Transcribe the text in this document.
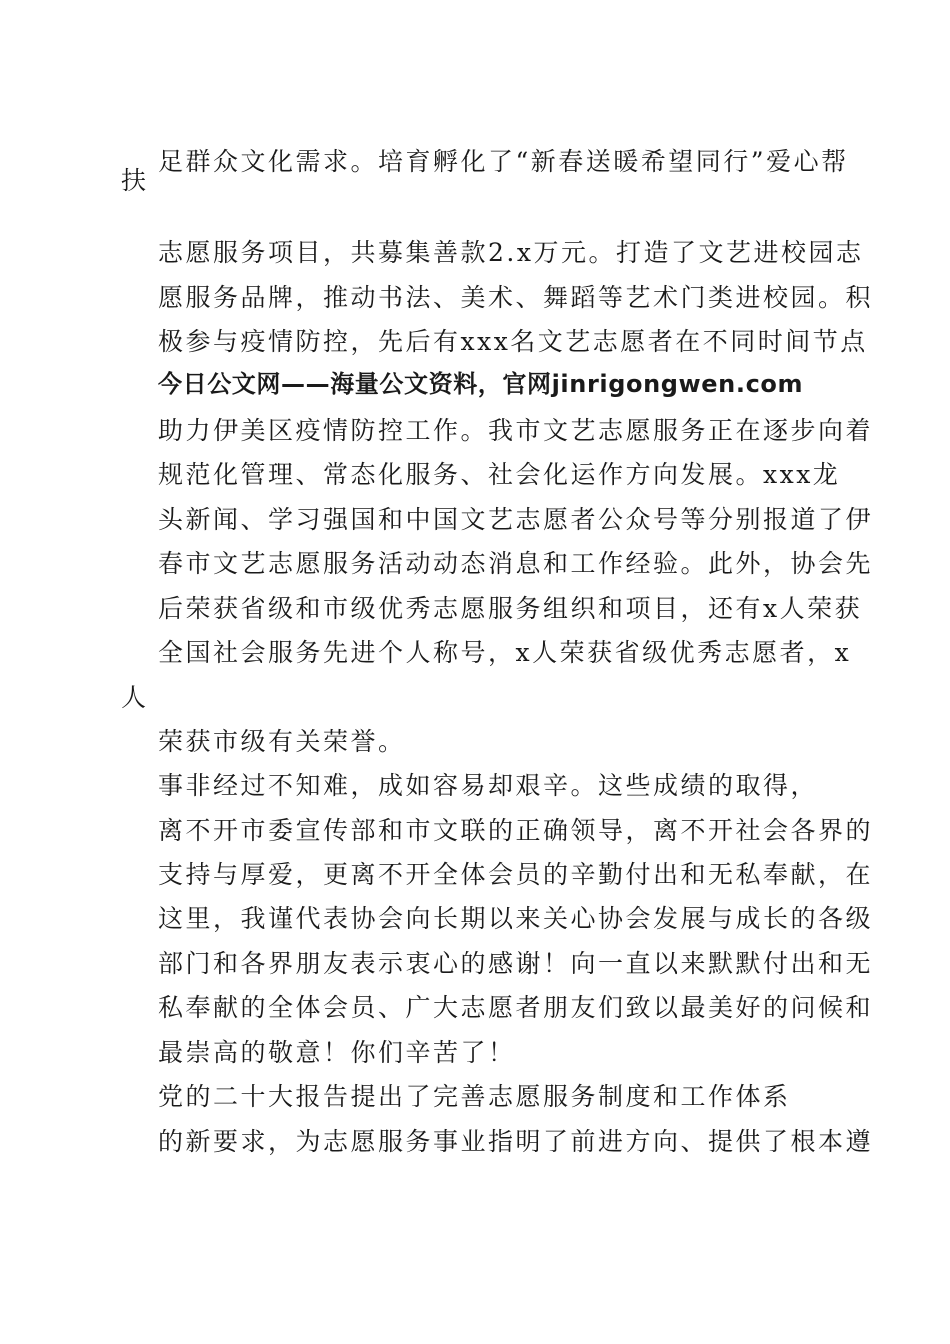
足群众文化需求。培育孵化了“新春送暖希望同行”爱心帮
扶
志愿服务项目，共募集善款2.x万元。打造了文艺进校园志
愿服务品牌，推动书法、美术、舞蹈等艺术门类进校园。积
极参与疫情防控，先后有xxx名文艺志愿者在不同时间节点
今日公文网——海量公文资料，官网jinrigongwen.com
助力伊美区疫情防控工作。我市文艺志愿服务正在逐步向着
规范化管理、常态化服务、社会化运作方向发展。xxx龙
头新闻、学习强国和中国文艺志愿者公众号等分别报道了伊
春市文艺志愿服务活动动态消息和工作经验。此外，协会先
后荣获省级和市级优秀志愿服务组织和项目，还有x人荣获
全国社会服务先进个人称号，x人荣获省级优秀志愿者，x
人
荣获市级有关荣誉。
事非经过不知难，成如容易却艰辛。这些成绩的取得，
离不开市委宣传部和市文联的正确领导，离不开社会各界的
支持与厚爱，更离不开全体会员的辛勤付出和无私奉献，在
这里，我谨代表协会向长期以来关心协会发展与成长的各级
部门和各界朋友表示衷心的感谢！向一直以来默默付出和无
私奉献的全体会员、广大志愿者朋友们致以最美好的问候和
最崇高的敬意！你们辛苦了！
党的二十大报告提出了完善志愿服务制度和工作体系
的新要求，为志愿服务事业指明了前进方向、提供了根本遵
